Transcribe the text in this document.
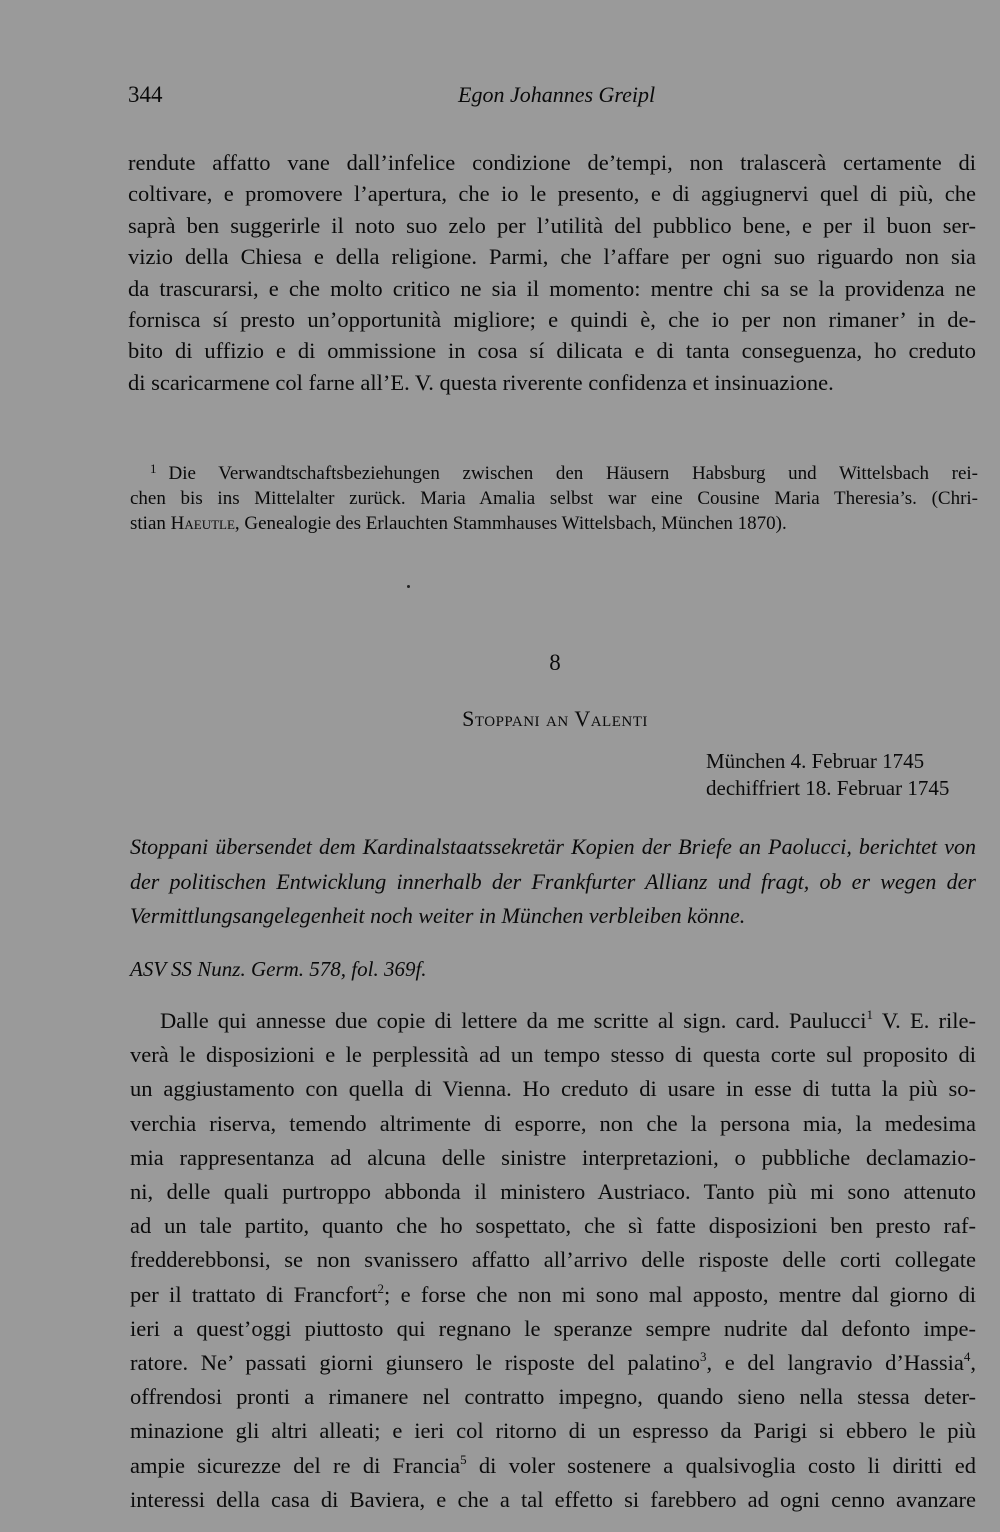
344	Egon Johannes Greipl
rendute affatto vane dall’infelice condizione de’tempi, non tralascerà certamente di
coltivare, e promovere l’apertura, che io le presento, e di aggiugnervi quel di più, che
saprà ben suggerirle il noto suo zelo per l’utilità del pubblico bene, e per il buon ser-
vizio della Chiesa e della religione. Parmi, che l’affare per ogni suo riguardo non sia
da trascurarsi, e che molto critico ne sia il momento: mentre chi sa se la providenza ne
fornisca sí presto un’opportunità migliore; e quindi è, che io per non rimaner’ in de-
bito di uffizio e di ommissione in cosa sí dilicata e di tanta conseguenza, ho creduto
di scaricarmene col farne all’E. V. questa riverente confidenza et insinuazione.
$^1$ Die Verwandtschaftsbeziehungen zwischen den Häusern Habsburg und Wittelsbach rei-
chen bis ins Mittelalter zurück. Maria Amalia selbst war eine Cousine Maria Theresia’s. (Chri-
stian Haeutle, Genealogie des Erlauchten Stammhauses Wittelsbach, München 1870).
8
Stoppani an Valenti
München 4. Februar 1745
dechiffriert 18. Februar 1745
Stoppani übersendet dem Kardinalstaatssekretär Kopien der Briefe an Paolucci, berichtet von
der politischen Entwicklung innerhalb der Frankfurter Allianz und fragt, ob er wegen der
Vermittlungsangelegenheit noch weiter in München verbleiben könne.
ASV SS Nunz. Germ. 578, fol. 369f.
Dalle qui annesse due copie di lettere da me scritte al sign. card. Paulucci$^1$ V. E. rile-
verà le disposizioni e le perplessità ad un tempo stesso di questa corte sul proposito di
un aggiustamento con quella di Vienna. Ho creduto di usare in esse di tutta la più so-
verchia riserva, temendo altrimente di esporre, non che la persona mia, la medesima
mia rappresentanza ad alcuna delle sinistre interpretazioni, o pubbliche declamazio-
ni, delle quali purtroppo abbonda il ministero Austriaco. Tanto più mi sono attenuto
ad un tale partito, quanto che ho sospettato, che sì fatte disposizioni ben presto raf-
fredderebbonsi, se non svanissero affatto all’arrivo delle risposte delle corti collegate
per il trattato di Francfort$^2$; e forse che non mi sono mal apposto, mentre dal giorno di
ieri a quest’oggi piuttosto qui regnano le speranze sempre nudrite dal defonto impe-
ratore. Ne’ passati giorni giunsero le risposte del palatino$^3$, e del langravio d’Hassia$^4$,
offrendosi pronti a rimanere nel contratto impegno, quando sieno nella stessa deter-
minazione gli altri alleati; e ieri col ritorno di un espresso da Parigi si ebbero le più
ampie sicurezze del re di Francia$^5$ di voler sostenere a qualsivoglia costo li diritti ed
interessi della casa di Baviera, e che a tal effetto si farebbero ad ogni cenno avanzare
